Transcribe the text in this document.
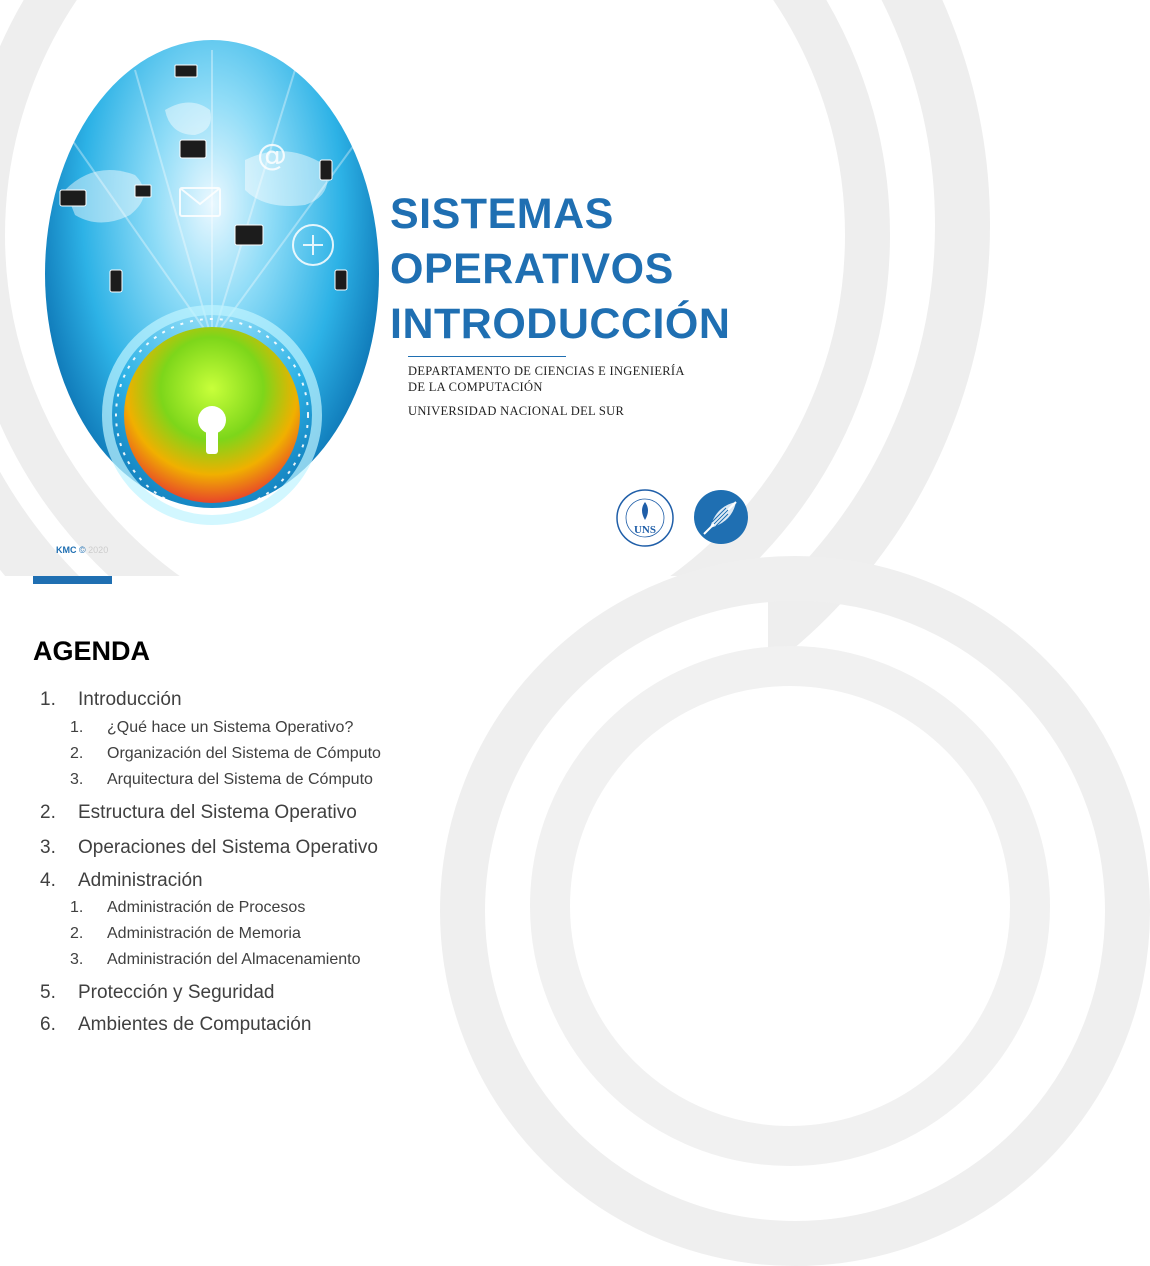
@
SISTEMAS
OPERATIVOS
INTRODUCCIÓN
DEPARTAMENTO DE CIENCIAS E INGENIERÍA
DE LA COMPUTACIÓN
UNIVERSIDAD NACIONAL DEL SUR
UNS
KMC © 2020
AGENDA
1. Introducción
1. ¿Qué hace un Sistema Operativo?
2. Organización del Sistema de Cómputo
3. Arquitectura del Sistema de Cómputo
2. Estructura del Sistema Operativo
3. Operaciones del Sistema Operativo
4. Administración
1. Administración de Procesos
2. Administración de Memoria
3. Administración del Almacenamiento
5. Protección y Seguridad
6. Ambientes de Computación
